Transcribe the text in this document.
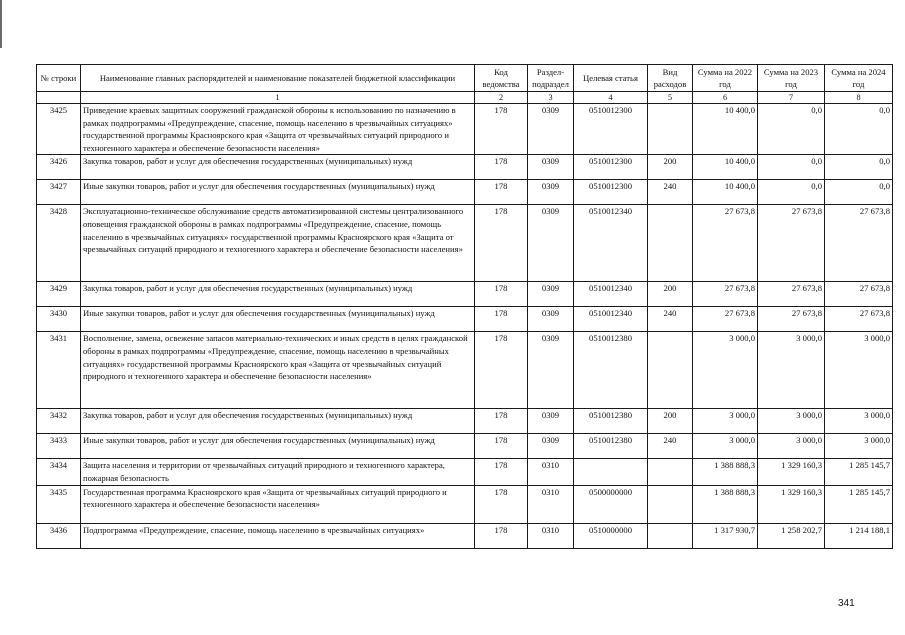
№ строки	Наименование главных распорядителей и наименование показателей бюджетной классификации	Код ведомства	Раздел-подраздел	Целевая статья	Вид расходов	Сумма на 2022 год	Сумма на 2023 год	Сумма на 2024 год
	1	2	3	4	5	6	7	8
3425	Приведение краевых защитных сооружений гражданской обороны к использованию по назначению в рамках подпрограммы «Предупреждение, спасение, помощь населению в чрезвычайных ситуациях» государственной программы Красноярского края «Защита от чрезвычайных ситуаций природного и техногенного характера и обеспечение безопасности населения»	178	0309	0510012300		10 400,0	0,0	0,0
3426	Закупка товаров, работ и услуг для обеспечения государственных (муниципальных) нужд	178	0309	0510012300	200	10 400,0	0,0	0,0
3427	Иные закупки товаров, работ и услуг для обеспечения государственных (муниципальных) нужд	178	0309	0510012300	240	10 400,0	0,0	0,0
3428	Эксплуатационно-техническое обслуживание средств автоматизированной системы централизованного оповещения гражданской обороны в рамках подпрограммы «Предупреждение, спасение, помощь населению в чрезвычайных ситуациях» государственной программы Красноярского края «Защита от чрезвычайных ситуаций природного и техногенного характера и обеспечение безопасности населения»	178	0309	0510012340		27 673,8	27 673,8	27 673,8
3429	Закупка товаров, работ и услуг для обеспечения государственных (муниципальных) нужд	178	0309	0510012340	200	27 673,8	27 673,8	27 673,8
3430	Иные закупки товаров, работ и услуг для обеспечения государственных (муниципальных) нужд	178	0309	0510012340	240	27 673,8	27 673,8	27 673,8
3431	Восполнение, замена, освежение запасов материально-технических и иных средств в целях гражданской обороны в рамках подпрограммы «Предупреждение, спасение, помощь населению в чрезвычайных ситуациях» государственной программы Красноярского края «Защита от чрезвычайных ситуаций природного и техногенного характера и обеспечение безопасности населения»	178	0309	0510012380		3 000,0	3 000,0	3 000,0
3432	Закупка товаров, работ и услуг для обеспечения государственных (муниципальных) нужд	178	0309	0510012380	200	3 000,0	3 000,0	3 000,0
3433	Иные закупки товаров, работ и услуг для обеспечения государственных (муниципальных) нужд	178	0309	0510012380	240	3 000,0	3 000,0	3 000,0
3434	Защита населения и территории от чрезвычайных ситуаций природного и техногенного характера, пожарная безопасность	178	0310			1 388 888,3	1 329 160,3	1 285 145,7
3435	Государственная программа Красноярского края «Защита от чрезвычайных ситуаций природного и техногенного характера и обеспечение безопасности населения»	178	0310	0500000000		1 388 888,3	1 329 160,3	1 285 145,7
3436	Подпрограмма «Предупреждение, спасение, помощь населению в чрезвычайных ситуациях»	178	0310	0510000000		1 317 930,7	1 258 202,7	1 214 188,1
341
